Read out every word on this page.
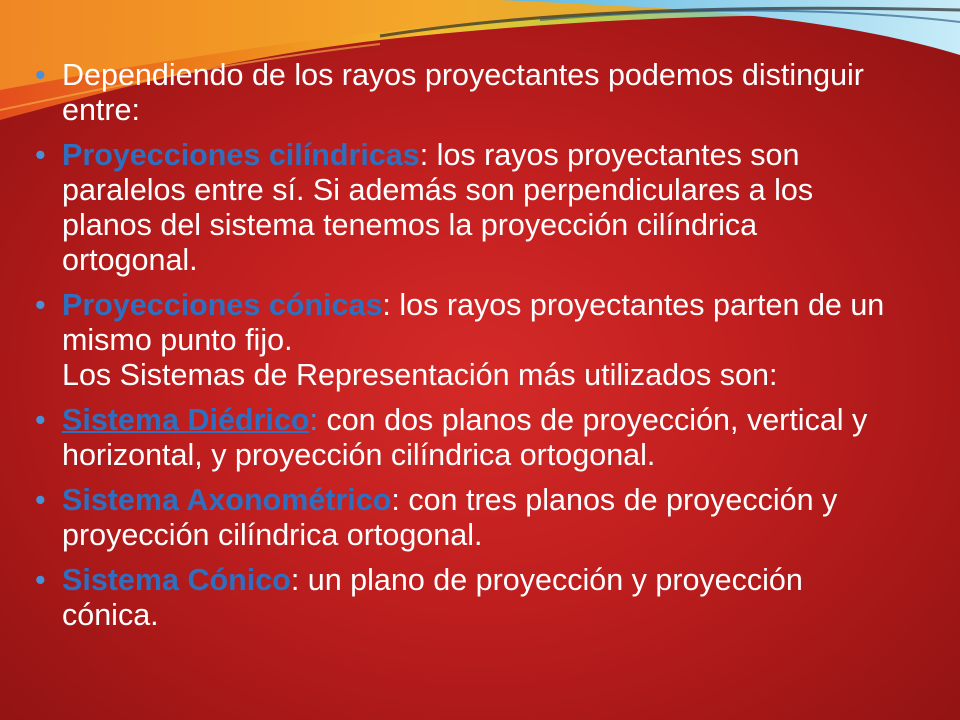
• Dependiendo de los rayos proyectantes podemos distinguir entre:
• Proyecciones cilíndricas: los rayos proyectantes son paralelos entre sí. Si además son perpendiculares a los planos del sistema tenemos la proyección cilíndrica ortogonal.
• Proyecciones cónicas: los rayos proyectantes parten de un mismo punto fijo.
Los Sistemas de Representación más utilizados son:
• Sistema Diédrico: con dos planos de proyección, vertical y horizontal, y proyección cilíndrica ortogonal.
• Sistema Axonométrico: con tres planos de proyección y proyección cilíndrica ortogonal.
• Sistema Cónico: un plano de proyección y proyección cónica.
